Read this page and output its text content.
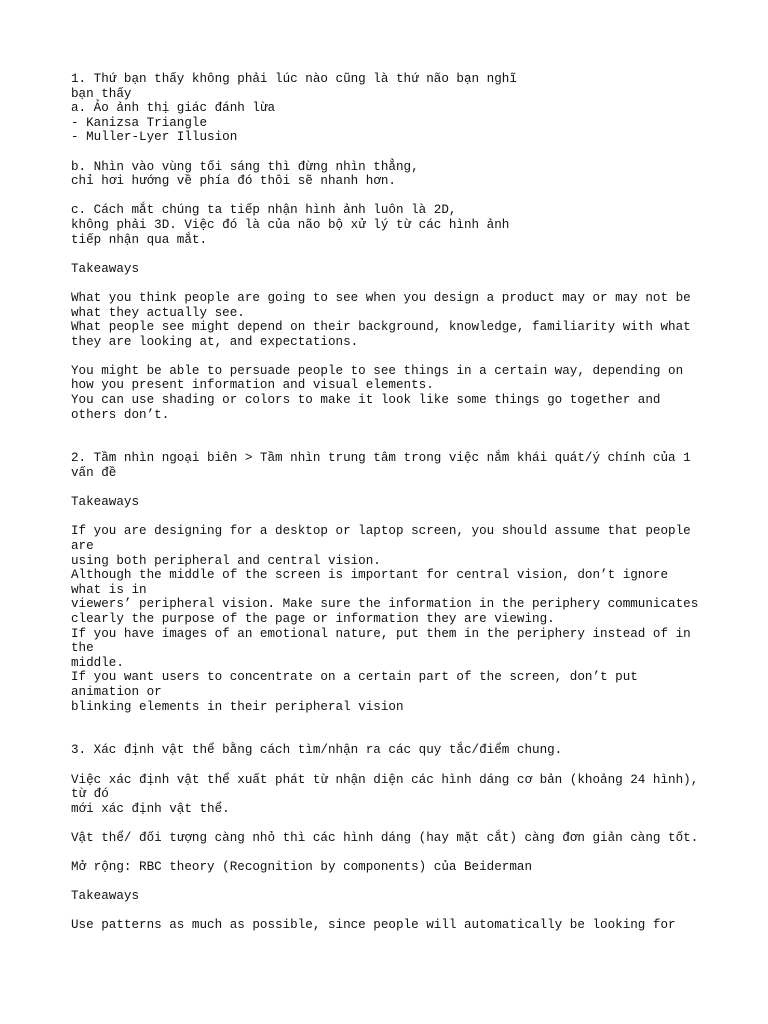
1. Thứ bạn thấy không phải lúc nào cũng là thứ não bạn nghĩ

bạn thấy

a. Ảo ảnh thị giác đánh lừa

- Kanizsa Triangle

- Muller-Lyer Illusion

b. Nhìn vào vùng tối sáng thì đừng nhìn thẳng,

chỉ hơi hướng về phía đó thôi sẽ nhanh hơn.

c. Cách mắt chúng ta tiếp nhận hình ảnh luôn là 2D,

không phải 3D. Việc đó là của não bộ xử lý từ các hình ảnh

tiếp nhận qua mắt.

Takeaways

What you think people are going to see when you design a product may or may not be

what they actually see.

What people see might depend on their background, knowledge, familiarity with what

they are looking at, and expectations.

You might be able to persuade people to see things in a certain way, depending on

how you present information and visual elements.

You can use shading or colors to make it look like some things go together and

others don’t.

2. Tầm nhìn ngoại biên > Tầm nhìn trung tâm trong việc nắm khái quát/ý chính của 1

vấn đề

Takeaways

If you are designing for a desktop or laptop screen, you should assume that people

are

using both peripheral and central vision.

Although the middle of the screen is important for central vision, don’t ignore

what is in

viewers’ peripheral vision. Make sure the information in the periphery communicates

clearly the purpose of the page or information they are viewing.

If you have images of an emotional nature, put them in the periphery instead of in

the

middle.

If you want users to concentrate on a certain part of the screen, don’t put

animation or

blinking elements in their peripheral vision

3. Xác định vật thể bằng cách tìm/nhận ra các quy tắc/điểm chung.

Việc xác định vật thể xuất phát từ nhận diện các hình dáng cơ bản (khoảng 24 hình),

từ đó

mới xác định vật thể.

Vật thể/ đối tượng càng nhỏ thì các hình dáng (hay mặt cắt) càng đơn giản càng tốt.

Mở rộng: RBC theory (Recognition by components) của Beiderman

Takeaways

Use patterns as much as possible, since people will automatically be looking for
